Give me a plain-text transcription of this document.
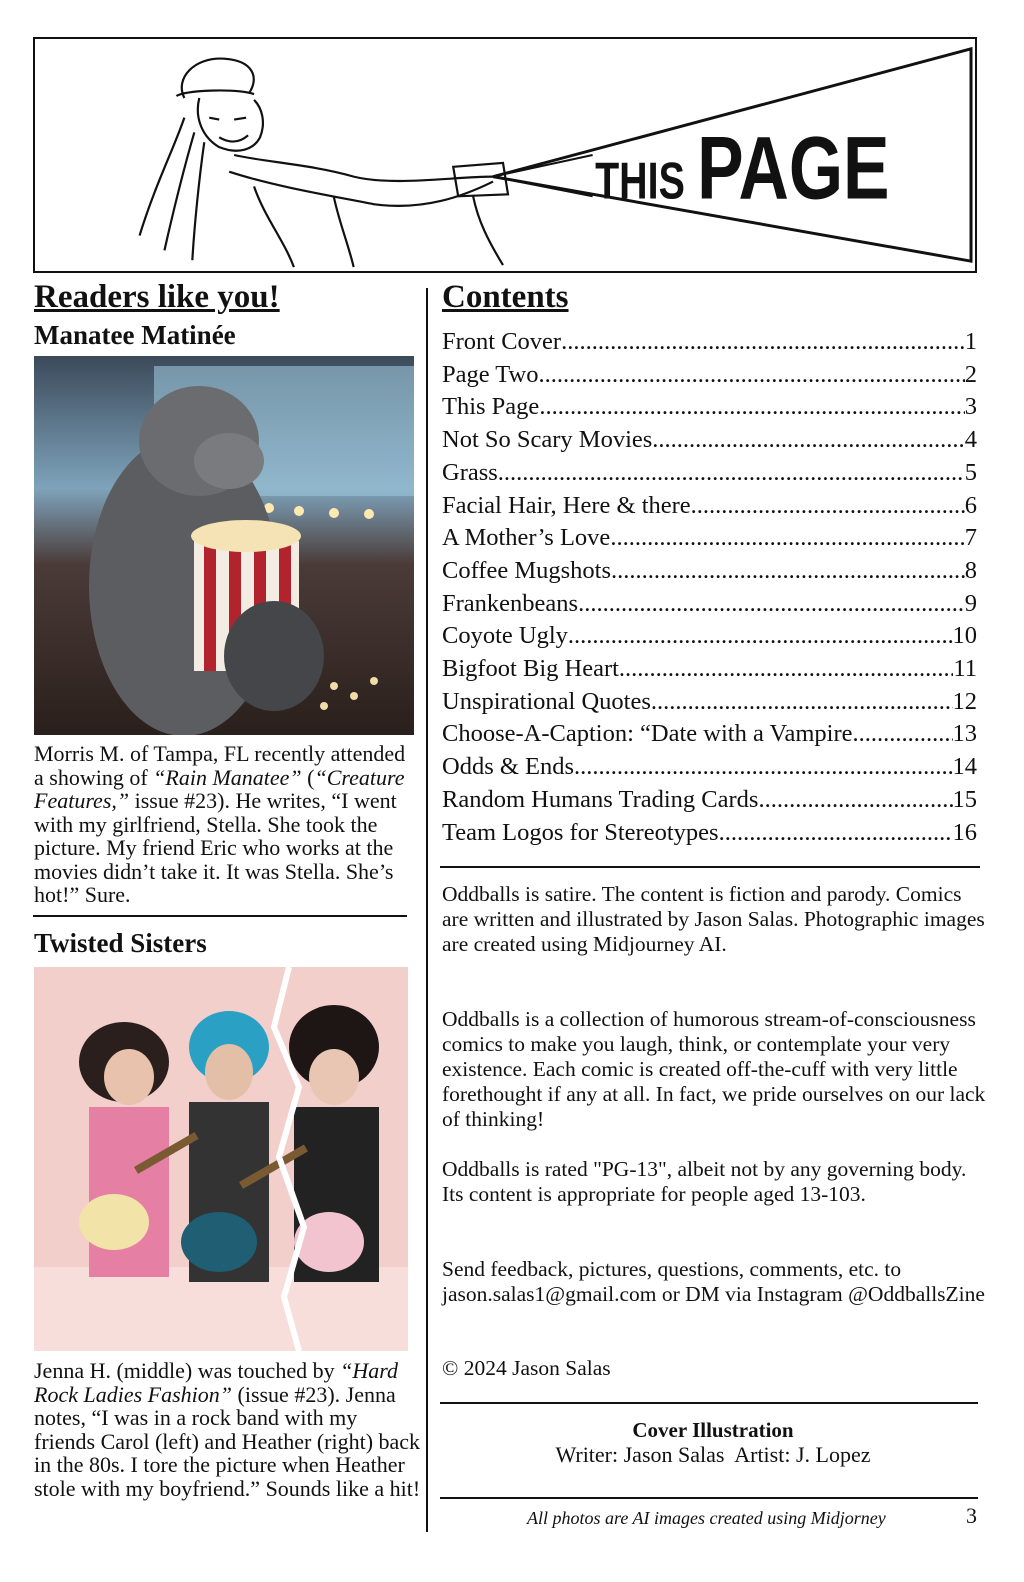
THIS PAGE
Readers like you!
Manatee Matinée
Morris M. of Tampa, FL recently attended a showing of “Rain Manatee” (“Creature Features,” issue #23). He writes, “I went with my girlfriend, Stella. She took the picture. My friend Eric who works at the movies didn’t take it. It was Stella. She’s hot!” Sure.
Twisted Sisters
Jenna H. (middle) was touched by “Hard Rock Ladies Fashion” (issue #23). Jenna notes, “I was in a rock band with my friends Carol (left) and Heather (right) back in the 80s. I tore the picture when Heather stole with my boyfriend.” Sounds like a hit!
Contents
Front Cover .....	1
Page Two .....	2
This Page .....	3
Not So Scary Movies .....	4
Grass .....	5
Facial Hair, Here & there .....	6
A Mother’s Love .....	7
Coffee Mugshots .....	8
Frankenbeans .....	9
Coyote Ugly .....	10
Bigfoot Big Heart .....	11
Unspirational Quotes .....	12
Choose-A-Caption: “Date with a Vampire .....	13
Odds & Ends .....	14
Random Humans Trading Cards .....	15
Team Logos for Stereotypes .....	16
Oddballs is satire. The content is fiction and parody. Comics are written and illustrated by Jason Salas. Photographic images are created using Midjourney AI.
Oddballs is a collection of humorous stream-of-consciousness comics to make you laugh, think, or contemplate your very existence. Each comic is created off-the-cuff with very little forethought if any at all. In fact, we pride ourselves on our lack of thinking!
Oddballs is rated "PG-13", albeit not by any governing body. Its content is appropriate for people aged 13-103.
Send feedback, pictures, questions, comments, etc. to jason.salas1@gmail.com or DM via Instagram @OddballsZine
© 2024 Jason Salas
Cover Illustration
Writer: Jason Salas  Artist: J. Lopez
All photos are AI images created using Midjorney	3
